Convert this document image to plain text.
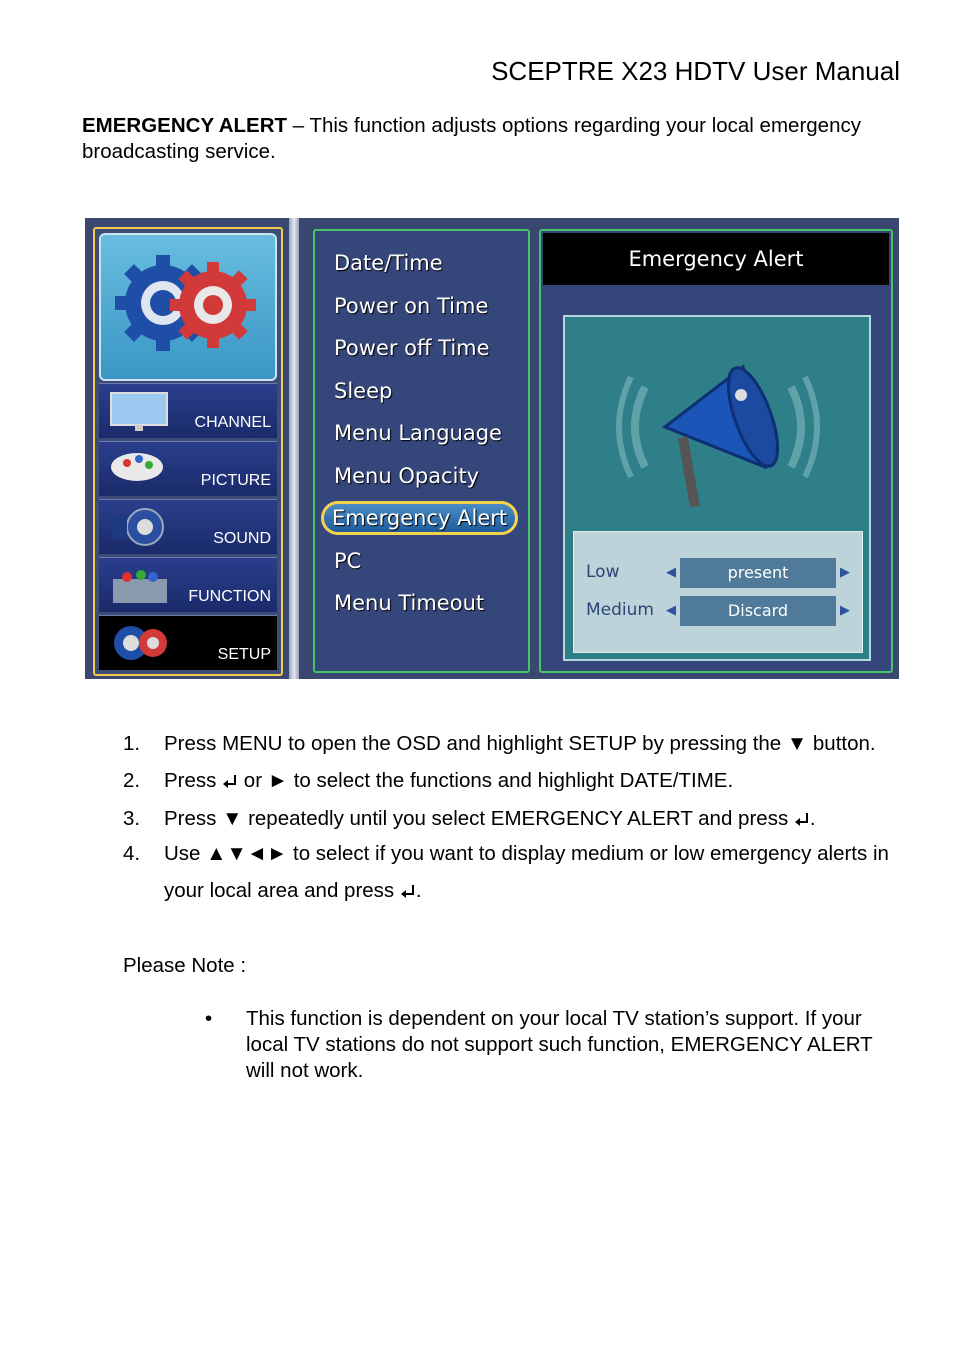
SCEPTRE X23 HDTV User Manual
EMERGENCY ALERT – This function adjusts options regarding your local emergency broadcasting service.
CHANNEL
PICTURE
SOUND
FUNCTION
SETUP
Date/Time
Power on Time
Power off Time
Sleep
Menu Language
Menu Opacity
Emergency Alert
PC
Menu Timeout
Emergency Alert
Low	◀	present	▶
Medium ◀	Discard	▶
1. Press MENU to open the OSD and highlight SETUP by pressing the ▼ button.
2. Press  or ► to select the functions and highlight DATE/TIME.
3. Press ▼ repeatedly until you select EMERGENCY ALERT and press .
4. Use ▲▼◄► to select if you want to display medium or low emergency alerts in your local area and press .
Please Note :
• This function is dependent on your local TV station’s support. If your local TV stations do not support such function, EMERGENCY ALERT will not work.
